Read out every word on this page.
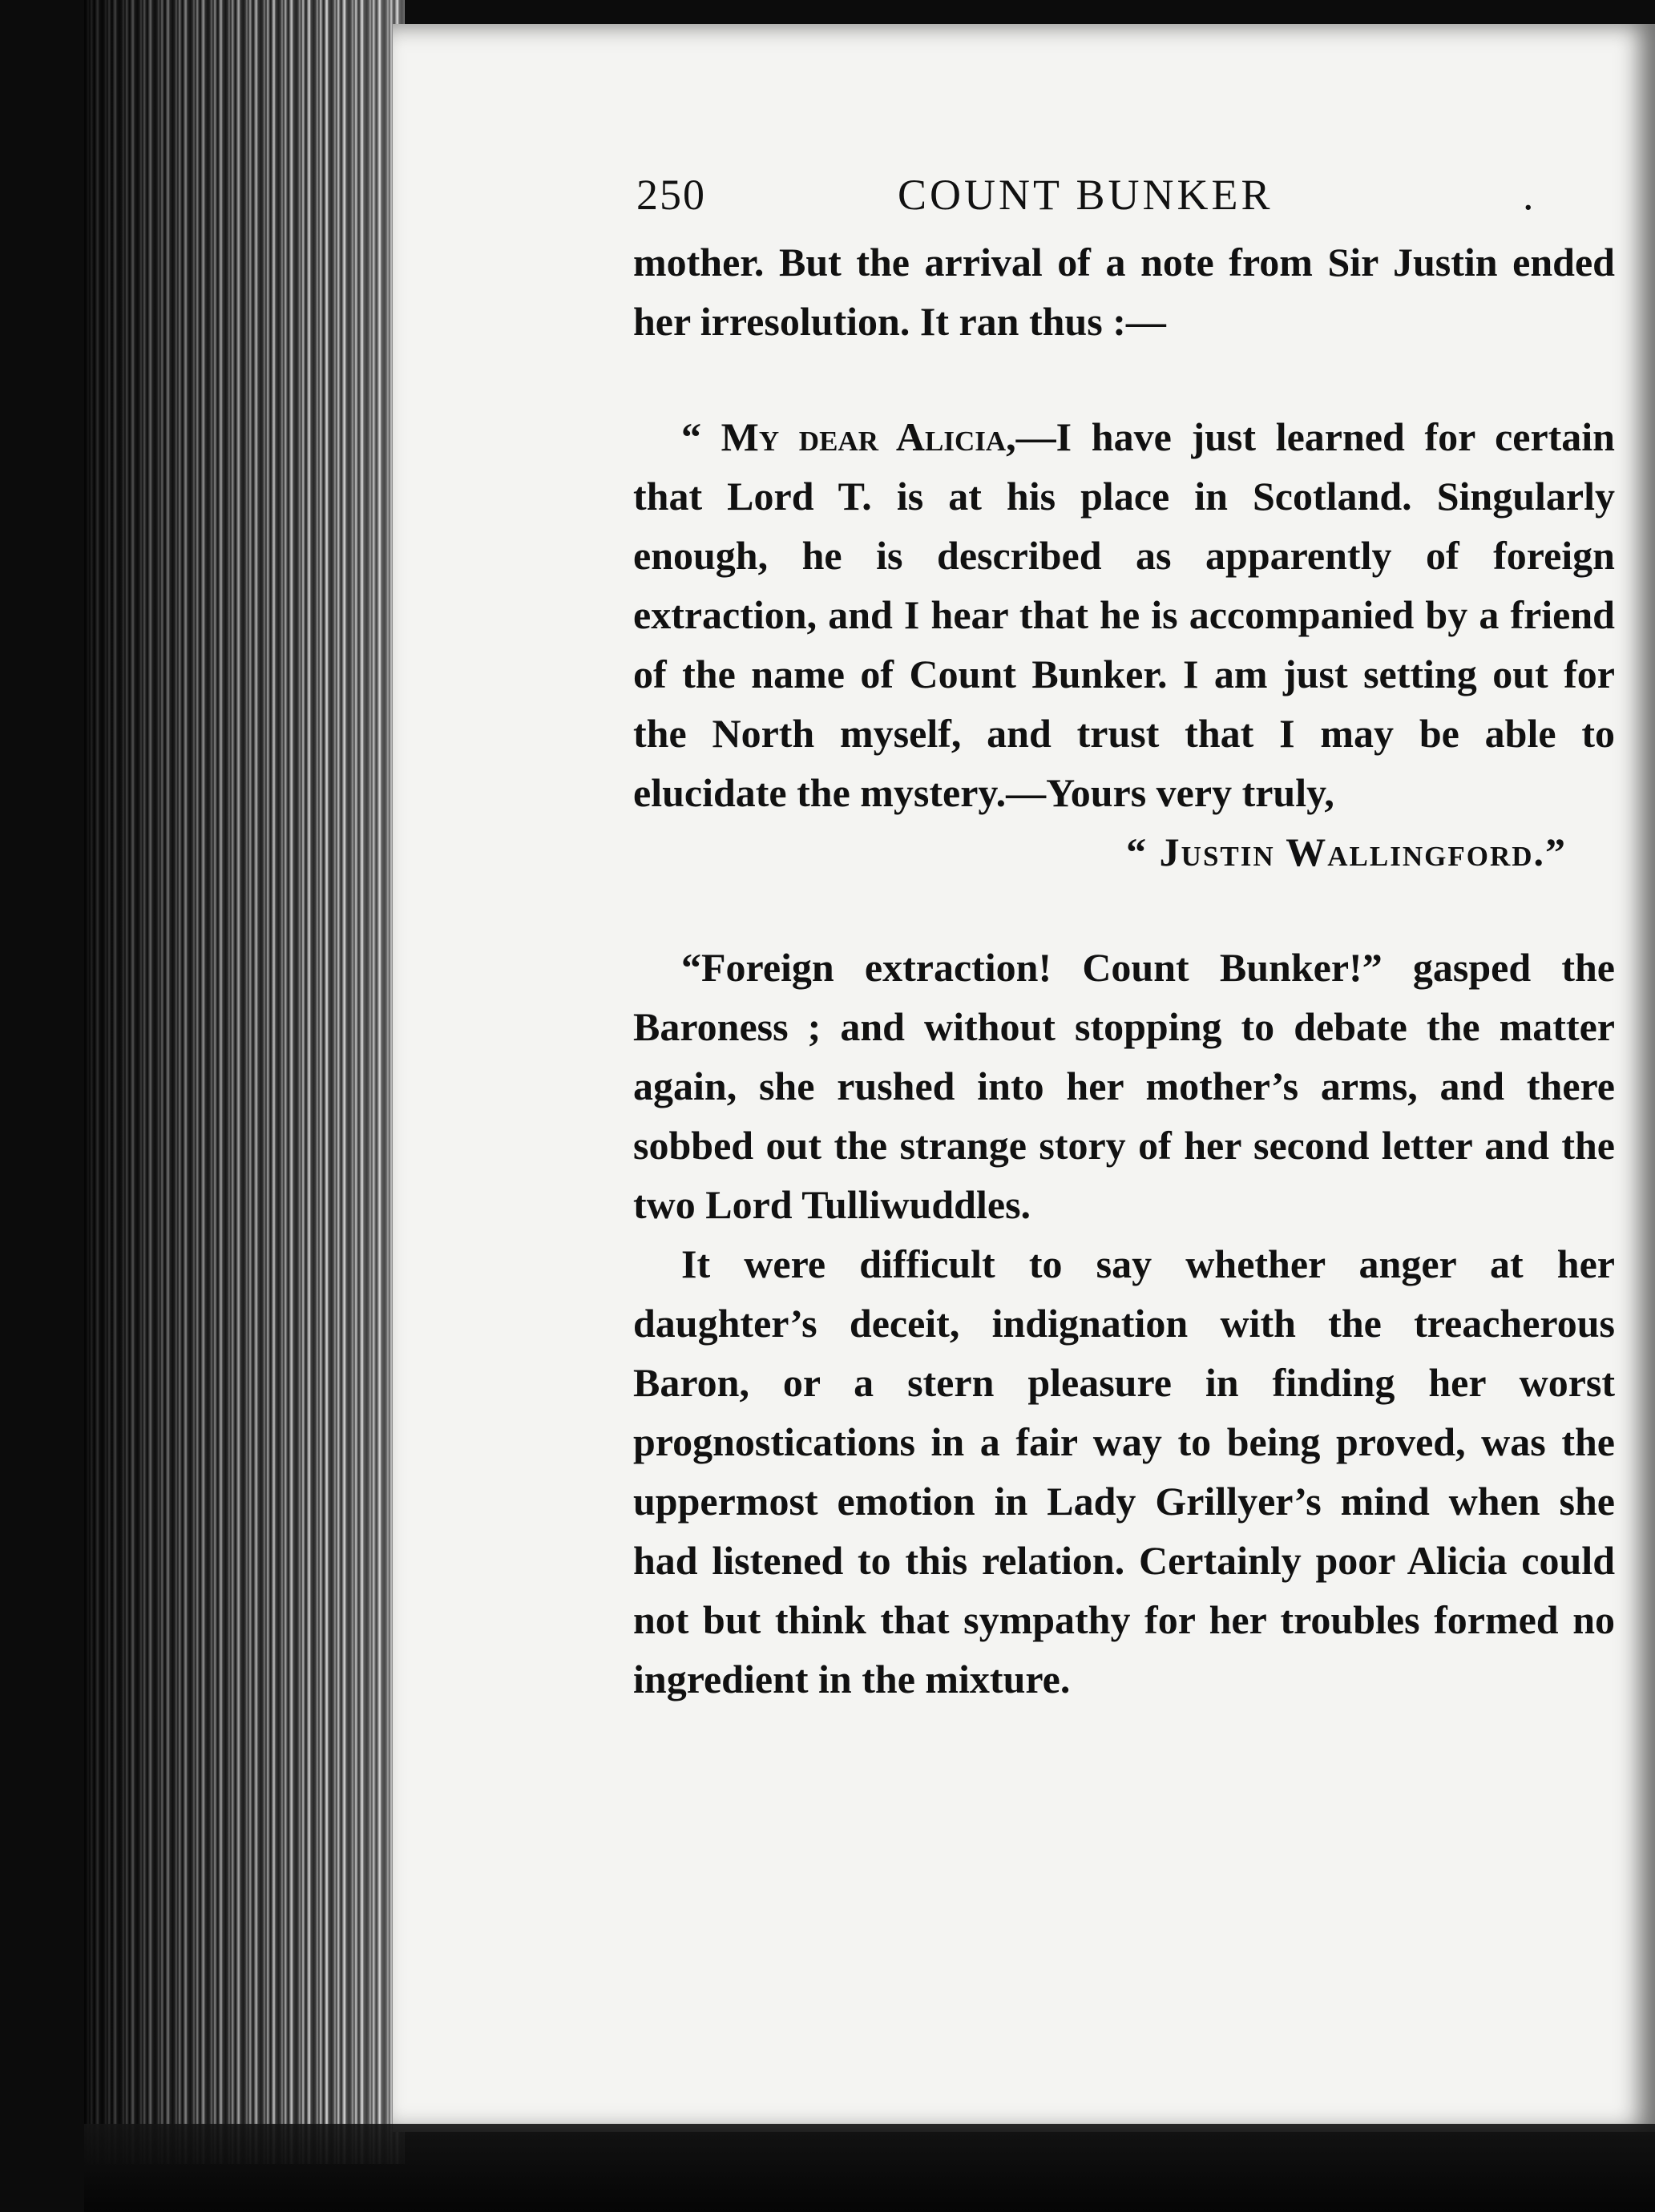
250	COUNT BUNKER	.

mother. But the arrival of a note from Sir Justin ended her irresolution. It ran thus :—

“ My dear Alicia,—I have just learned for certain that Lord T. is at his place in Scotland. Singularly enough, he is described as apparently of foreign extraction, and I hear that he is accompanied by a friend of the name of Count Bunker. I am just setting out for the North myself, and trust that I may be able to elucidate the mystery.—Yours very truly,

“ Justin Wallingford.”

“Foreign extraction! Count Bunker!” gasped the Baroness ; and without stopping to debate the matter again, she rushed into her mother’s arms, and there sobbed out the strange story of her second letter and the two Lord Tulliwuddles.

It were difficult to say whether anger at her daughter’s deceit, indignation with the treacherous Baron, or a stern pleasure in finding her worst prognostications in a fair way to being proved, was the uppermost emotion in Lady Grillyer’s mind when she had listened to this relation. Certainly poor Alicia could not but think that sympathy for her troubles formed no ingredient in the mixture.
